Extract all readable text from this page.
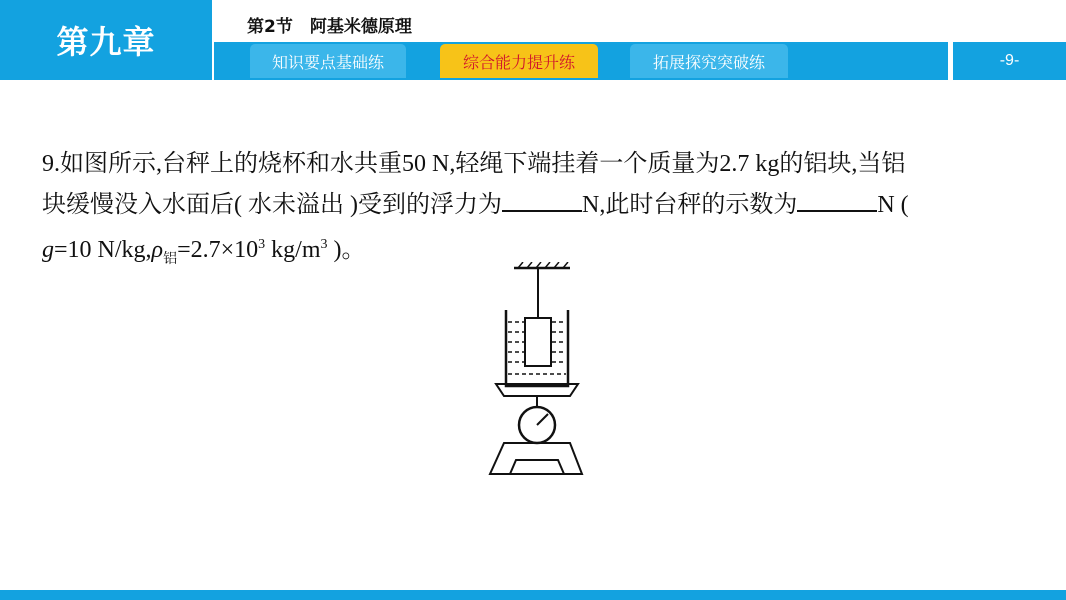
第九章	第2节　阿基米德原理
知识要点基础练	综合能力提升练	拓展探究突破练	-9-
9.如图所示,台秤上的烧杯和水共重50 N,轻绳下端挂着一个质量为2.7 kg的铝块,当铝
块缓慢没入水面后( 水未溢出 )受到的浮力为	N,此时台秤的示数为	N (
g=10 $N/kg,\rho_铝=2.7\times 10^3$ $kg/m^3$ )。
